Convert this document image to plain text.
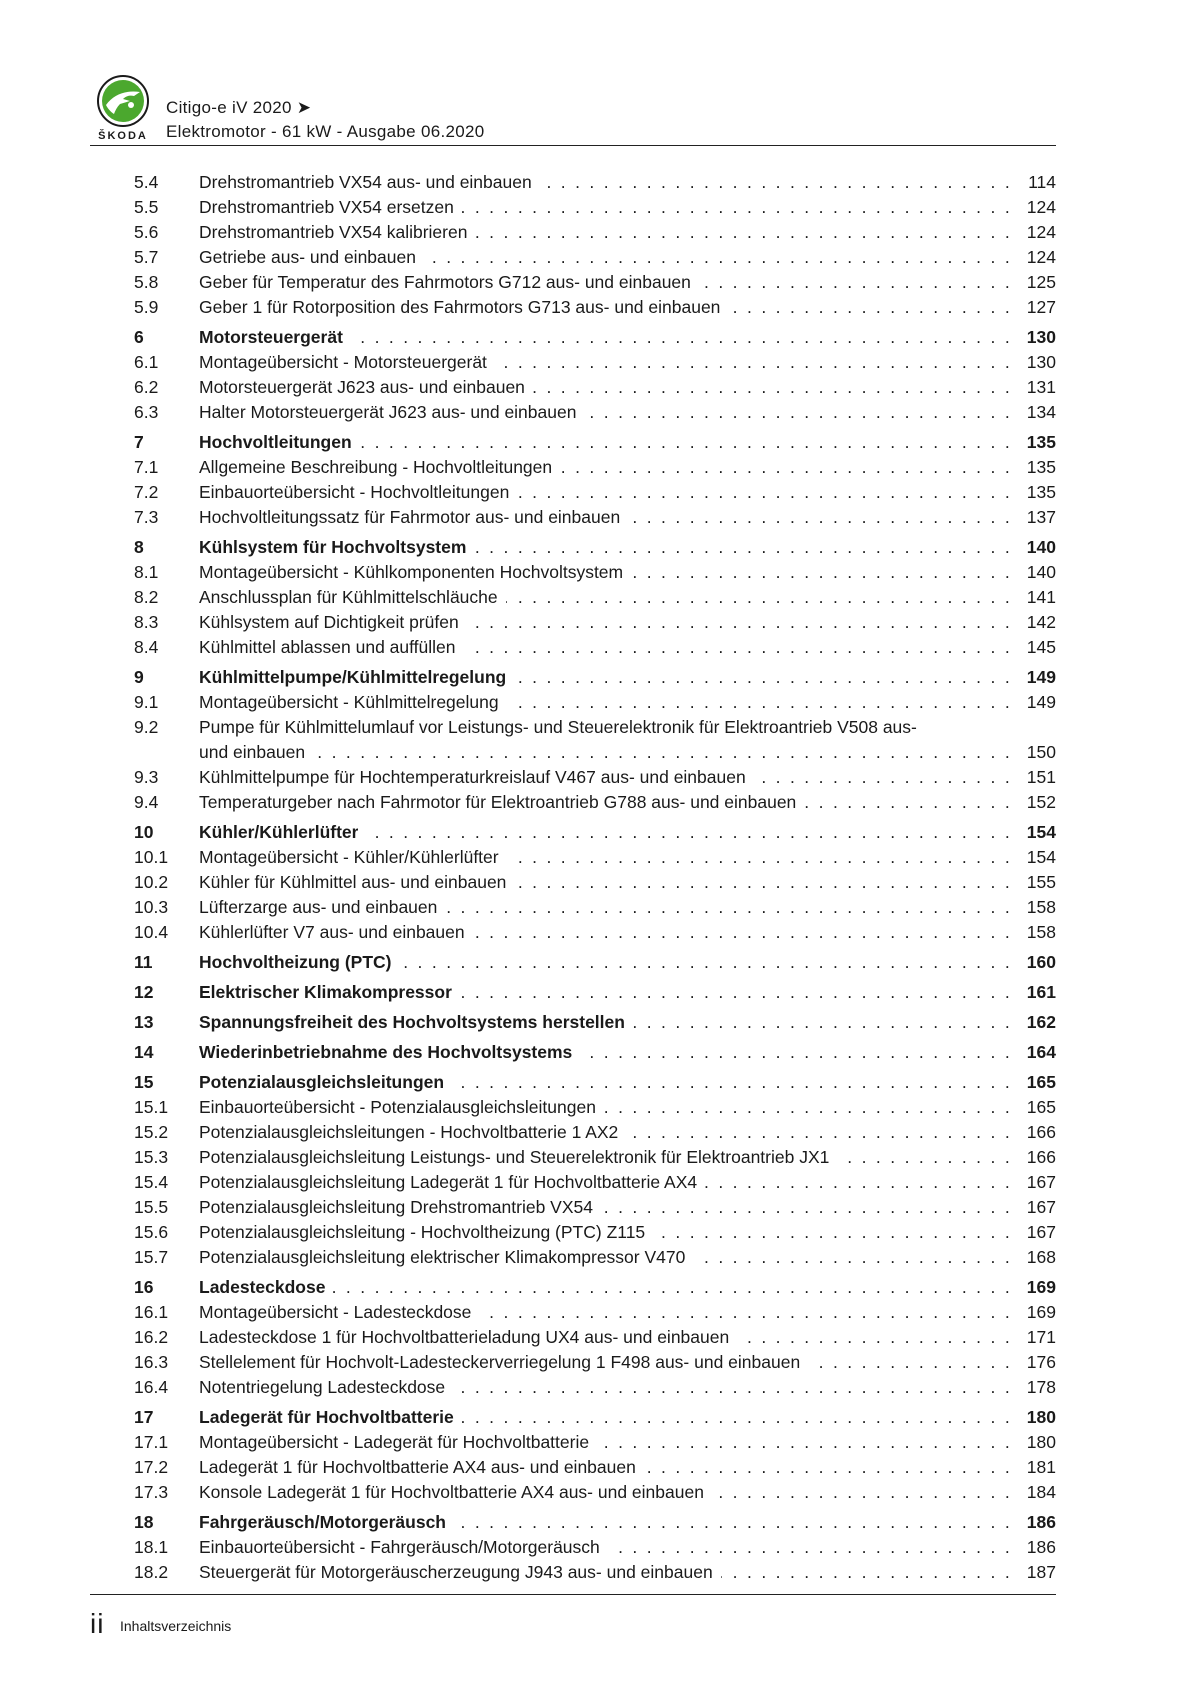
ŠKODA
Citigo-e iV 2020 ➤
Elektromotor - 61 kW - Ausgabe 06.2020
5.4	Drehstromantrieb VX54 aus- und einbauen . . .	114
5.5	Drehstromantrieb VX54 ersetzen . . .	124
5.6	Drehstromantrieb VX54 kalibrieren . . .	124
5.7	Getriebe aus- und einbauen . . .	124
5.8	Geber für Temperatur des Fahrmotors G712 aus- und einbauen . . .	125
5.9	Geber 1 für Rotorposition des Fahrmotors G713 aus- und einbauen . . .	127
6	Motorsteuergerät . . .	130
6.1	Montageübersicht - Motorsteuergerät . . .	130
6.2	Motorsteuergerät J623 aus- und einbauen . . .	131
6.3	Halter Motorsteuergerät J623 aus- und einbauen . . .	134
7	Hochvoltleitungen . . .	135
7.1	Allgemeine Beschreibung - Hochvoltleitungen . . .	135
7.2	Einbauorteübersicht - Hochvoltleitungen . . .	135
7.3	Hochvoltleitungssatz für Fahrmotor aus- und einbauen . . .	137
8	Kühlsystem für Hochvoltsystem . . .	140
8.1	Montageübersicht - Kühlkomponenten Hochvoltsystem . . .	140
8.2	Anschlussplan für Kühlmittelschläuche . . .	141
8.3	Kühlsystem auf Dichtigkeit prüfen . . .	142
8.4	Kühlmittel ablassen und auffüllen . . .	145
9	Kühlmittelpumpe/Kühlmittelregelung . . .	149
9.1	Montageübersicht - Kühlmittelregelung . . .	149
9.2	Pumpe für Kühlmittelumlauf vor Leistungs- und Steuerelektronik für Elektroantrieb V508 aus-
und einbauen . . .	150
9.3	Kühlmittelpumpe für Hochtemperaturkreislauf V467 aus- und einbauen . . .	151
9.4	Temperaturgeber nach Fahrmotor für Elektroantrieb G788 aus- und einbauen . . .	152
10	Kühler/Kühlerlüfter . . .	154
10.1	Montageübersicht - Kühler/Kühlerlüfter . . .	154
10.2	Kühler für Kühlmittel aus- und einbauen . . .	155
10.3	Lüfterzarge aus- und einbauen . . .	158
10.4	Kühlerlüfter V7 aus- und einbauen . . .	158
11	Hochvoltheizung (PTC) . . .	160
12	Elektrischer Klimakompressor . . .	161
13	Spannungsfreiheit des Hochvoltsystems herstellen . . .	162
14	Wiederinbetriebnahme des Hochvoltsystems . . .	164
15	Potenzialausgleichsleitungen . . .	165
15.1	Einbauorteübersicht - Potenzialausgleichsleitungen . . .	165
15.2	Potenzialausgleichsleitungen - Hochvoltbatterie 1 AX2 . . .	166
15.3	Potenzialausgleichsleitung Leistungs- und Steuerelektronik für Elektroantrieb JX1 . . .	166
15.4	Potenzialausgleichsleitung Ladegerät 1 für Hochvoltbatterie AX4 . . .	167
15.5	Potenzialausgleichsleitung Drehstromantrieb VX54 . . .	167
15.6	Potenzialausgleichsleitung - Hochvoltheizung (PTC) Z115 . . .	167
15.7	Potenzialausgleichsleitung elektrischer Klimakompressor V470 . . .	168
16	Ladesteckdose . . .	169
16.1	Montageübersicht - Ladesteckdose . . .	169
16.2	Ladesteckdose 1 für Hochvoltbatterieladung UX4 aus- und einbauen . . .	171
16.3	Stellelement für Hochvolt-Ladesteckerverriegelung 1 F498 aus- und einbauen . . .	176
16.4	Notentriegelung Ladesteckdose . . .	178
17	Ladegerät für Hochvoltbatterie . . .	180
17.1	Montageübersicht - Ladegerät für Hochvoltbatterie . . .	180
17.2	Ladegerät 1 für Hochvoltbatterie AX4 aus- und einbauen . . .	181
17.3	Konsole Ladegerät 1 für Hochvoltbatterie AX4 aus- und einbauen . . .	184
18	Fahrgeräusch/Motorgeräusch . . .	186
18.1	Einbauorteübersicht - Fahrgeräusch/Motorgeräusch . . .	186
18.2	Steuergerät für Motorgeräuscherzeugung J943 aus- und einbauen . . .	187
ii Inhaltsverzeichnis
